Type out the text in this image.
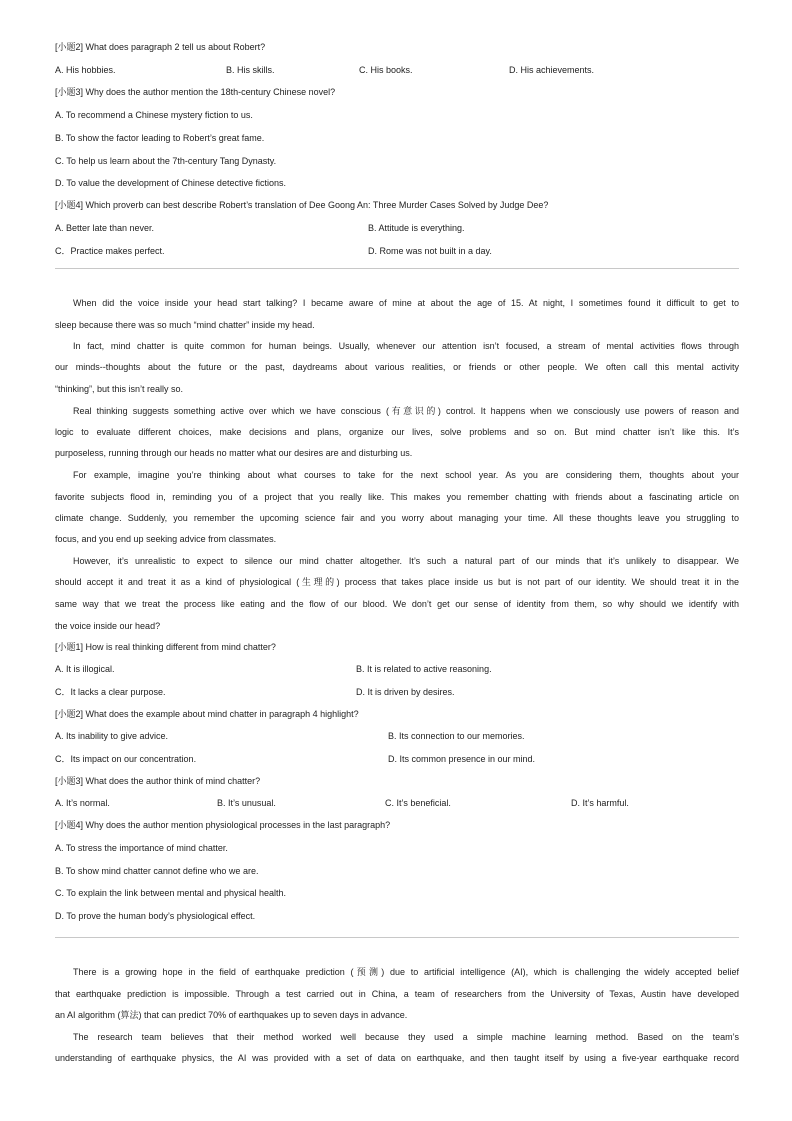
[小题2] What does paragraph 2 tell us about Robert?
A. His hobbies.	B. His skills.	C. His books.	D. His achievements.
[小题3] Why does the author mention the 18th-century Chinese novel?
A. To recommend a Chinese mystery fiction to us.
B. To show the factor leading to Robert’s great fame.
C. To help us learn about the 7th-century Tang Dynasty.
D. To value the development of Chinese detective fictions.
[小题4] Which proverb can best describe Robert’s translation of Dee Goong An: Three Murder Cases Solved by Judge Dee?
A. Better late than never.	B. Attitude is everything.
C．Practice makes perfect.	D. Rome was not built in a day.
When did the voice inside your head start talking? I became aware of mine at about the age of 15. At night, I sometimes found it difficult to get to
sleep because there was so much “mind chatter” inside my head.
In fact, mind chatter is quite common for human beings. Usually, whenever our attention isn’t focused, a stream of mental activities flows through
our minds--thoughts about the future or the past, daydreams about various realities, or friends or other people. We often call this mental activity
“thinking”, but this isn’t really so.
Real thinking suggests something active over which we have conscious (有意识的) control. It happens when we consciously use powers of reason and
logic to evaluate different choices, make decisions and plans, organize our lives, solve problems and so on. But mind chatter isn’t like this. It’s
purposeless, running through our heads no matter what our desires are and disturbing us.
For example, imagine you’re thinking about what courses to take for the next school year. As you are considering them, thoughts about your
favorite subjects flood in, reminding you of a project that you really like. This makes you remember chatting with friends about a fascinating article on
climate change. Suddenly, you remember the upcoming science fair and you worry about managing your time. All these thoughts leave you struggling to
focus, and you end up seeking advice from classmates.
However, it’s unrealistic to expect to silence our mind chatter altogether. It’s such a natural part of our minds that it’s unlikely to disappear. We
should accept it and treat it as a kind of physiological (生理的) process that takes place inside us but is not part of our identity. We should treat it in the
same way that we treat the process like eating and the flow of our blood. We don’t get our sense of identity from them, so why should we identify with
the voice inside our head?
[小题1] How is real thinking different from mind chatter?
A. It is illogical.	B. It is related to active reasoning.
C．It lacks a clear purpose.	D. It is driven by desires.
[小题2] What does the example about mind chatter in paragraph 4 highlight?
A. Its inability to give advice.	B. Its connection to our memories.
C．Its impact on our concentration.	D. Its common presence in our mind.
[小题3] What does the author think of mind chatter?
A. It’s normal.	B. It’s unusual.	C. It’s beneficial.	D. It’s harmful.
[小题4] Why does the author mention physiological processes in the last paragraph?
A. To stress the importance of mind chatter.
B. To show mind chatter cannot define who we are.
C. To explain the link between mental and physical health.
D. To prove the human body’s physiological effect.
There is a growing hope in the field of earthquake prediction (预测) due to artificial intelligence (AI), which is challenging the widely accepted belief
that earthquake prediction is impossible. Through a test carried out in China, a team of researchers from the University of Texas, Austin have developed
an AI algorithm (算法) that can predict 70% of earthquakes up to seven days in advance.
The research team believes that their method worked well because they used a simple machine learning method. Based on the team’s
understanding of earthquake physics, the AI was provided with a set of data on earthquake, and then taught itself by using a five-year earthquake record
